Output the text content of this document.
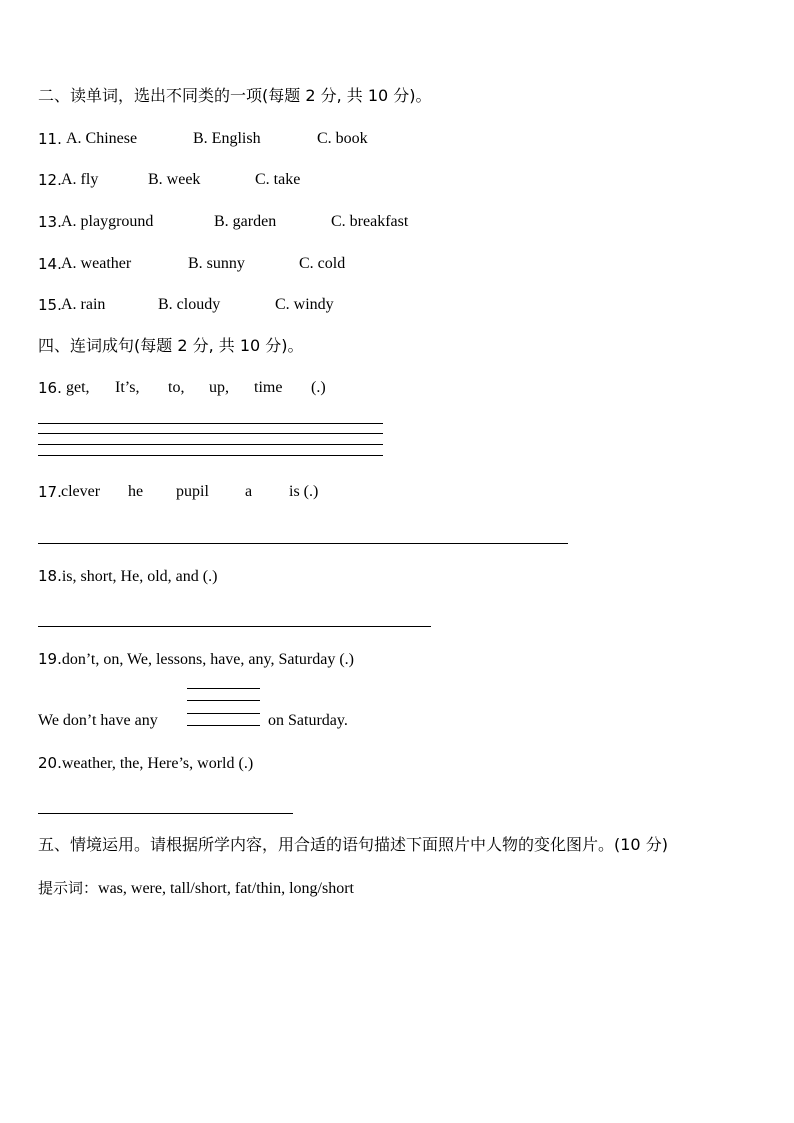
二、读单词，选出不同类的一项(每题 2 分, 共 10 分)。
11. A. Chinese	B. English	C. book
12. A. fly	B. week	C. take
13. A. playground	B. garden	C. breakfast
14. A. weather	B. sunny	C. cold
15. A. rain	B. cloudy	C. windy
四、连词成句(每题 2 分, 共 10 分)。
16. get, It’s, to, up, time (.)
17. clever he pupil a is (.)
18.is, short, He, old, and (.)
19.don’t, on, We, lessons, have, any, Saturday (.)
We don’t have any	on Saturday.
20.weather, the, Here’s, world (.)
五、情境运用。请根据所学内容，用合适的语句描述下面照片中人物的变化图片。(10 分)
提示词：was, were, tall/short, fat/thin, long/short
